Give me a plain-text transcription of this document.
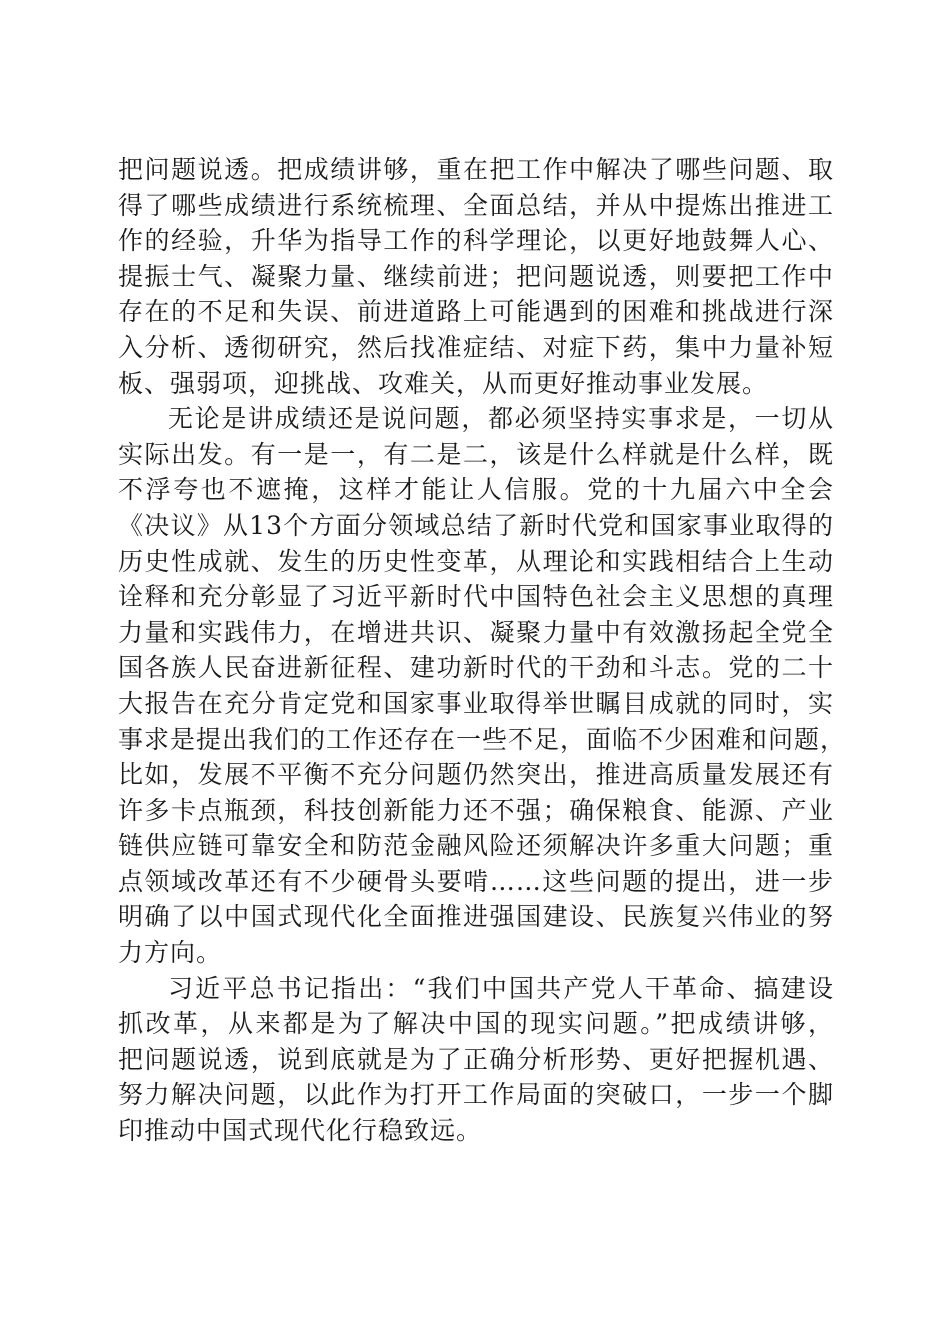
把问题说透。把成绩讲够，重在把工作中解决了哪些问题、取
得了哪些成绩进行系统梳理、全面总结，并从中提炼出推进工
作的经验，升华为指导工作的科学理论，以更好地鼓舞人心、
提振士气、凝聚力量、继续前进；把问题说透，则要把工作中
存在的不足和失误、前进道路上可能遇到的困难和挑战进行深
入分析、透彻研究，然后找准症结、对症下药，集中力量补短
板、强弱项，迎挑战、攻难关，从而更好推动事业发展。
无论是讲成绩还是说问题，都必须坚持实事求是，一切从
实际出发。有一是一，有二是二，该是什么样就是什么样，既
不浮夸也不遮掩，这样才能让人信服。党的十九届六中全会
《决议》从13个方面分领域总结了新时代党和国家事业取得的
历史性成就、发生的历史性变革，从理论和实践相结合上生动
诠释和充分彰显了习近平新时代中国特色社会主义思想的真理
力量和实践伟力，在增进共识、凝聚力量中有效激扬起全党全
国各族人民奋进新征程、建功新时代的干劲和斗志。党的二十
大报告在充分肯定党和国家事业取得举世瞩目成就的同时，实
事求是提出我们的工作还存在一些不足，面临不少困难和问题，
比如，发展不平衡不充分问题仍然突出，推进高质量发展还有
许多卡点瓶颈，科技创新能力还不强；确保粮食、能源、产业
链供应链可靠安全和防范金融风险还须解决许多重大问题；重
点领域改革还有不少硬骨头要啃……这些问题的提出，进一步
明确了以中国式现代化全面推进强国建设、民族复兴伟业的努
力方向。
习近平总书记指出：“我们中国共产党人干革命、搞建设
抓改革，从来都是为了解决中国的现实问题。”把成绩讲够，
把问题说透，说到底就是为了正确分析形势、更好把握机遇、
努力解决问题，以此作为打开工作局面的突破口，一步一个脚
印推动中国式现代化行稳致远。
